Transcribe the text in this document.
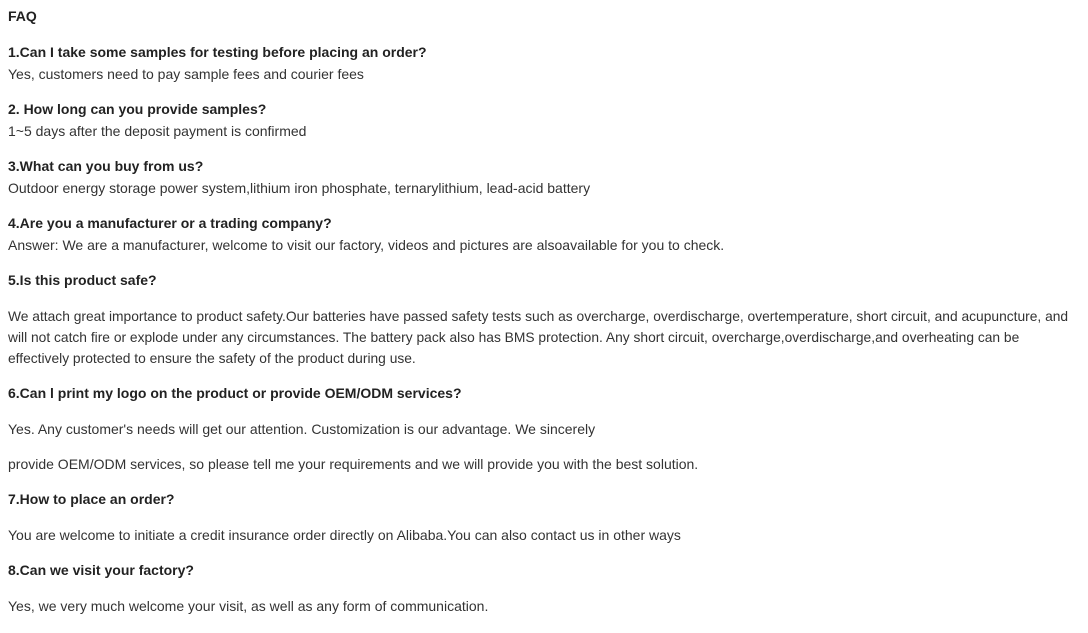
FAQ

1.Can I take some samples for testing before placing an order?

Yes, customers need to pay sample fees and courier fees

2. How long can you provide samples?

1~5 days after the deposit payment is confirmed

3.What can you buy from us?

Outdoor energy storage power system,lithium iron phosphate, ternarylithium, lead-acid battery

4.Are you a manufacturer or a trading company?

Answer: We are a manufacturer, welcome to visit our factory, videos and pictures are alsoavailable for you to check.

5.Is this product safe?

We attach great importance to product safety.Our batteries have passed safety tests such as overcharge, overdischarge, overtemperature, short circuit, and acupuncture, and will not catch fire or explode under any circumstances. The battery pack also has BMS protection. Any short circuit, overcharge,overdischarge,and overheating can be effectively protected to ensure the safety of the product during use.

6.Can l print my logo on the product or provide OEM/ODM services?

Yes. Any customer's needs will get our attention. Customization is our advantage. We sincerely

provide OEM/ODM services, so please tell me your requirements and we will provide you with the best solution.

7.How to place an order?

You are welcome to initiate a credit insurance order directly on Alibaba.You can also contact us in other ways

8.Can we visit your factory?

Yes, we very much welcome your visit, as well as any form of communication.
